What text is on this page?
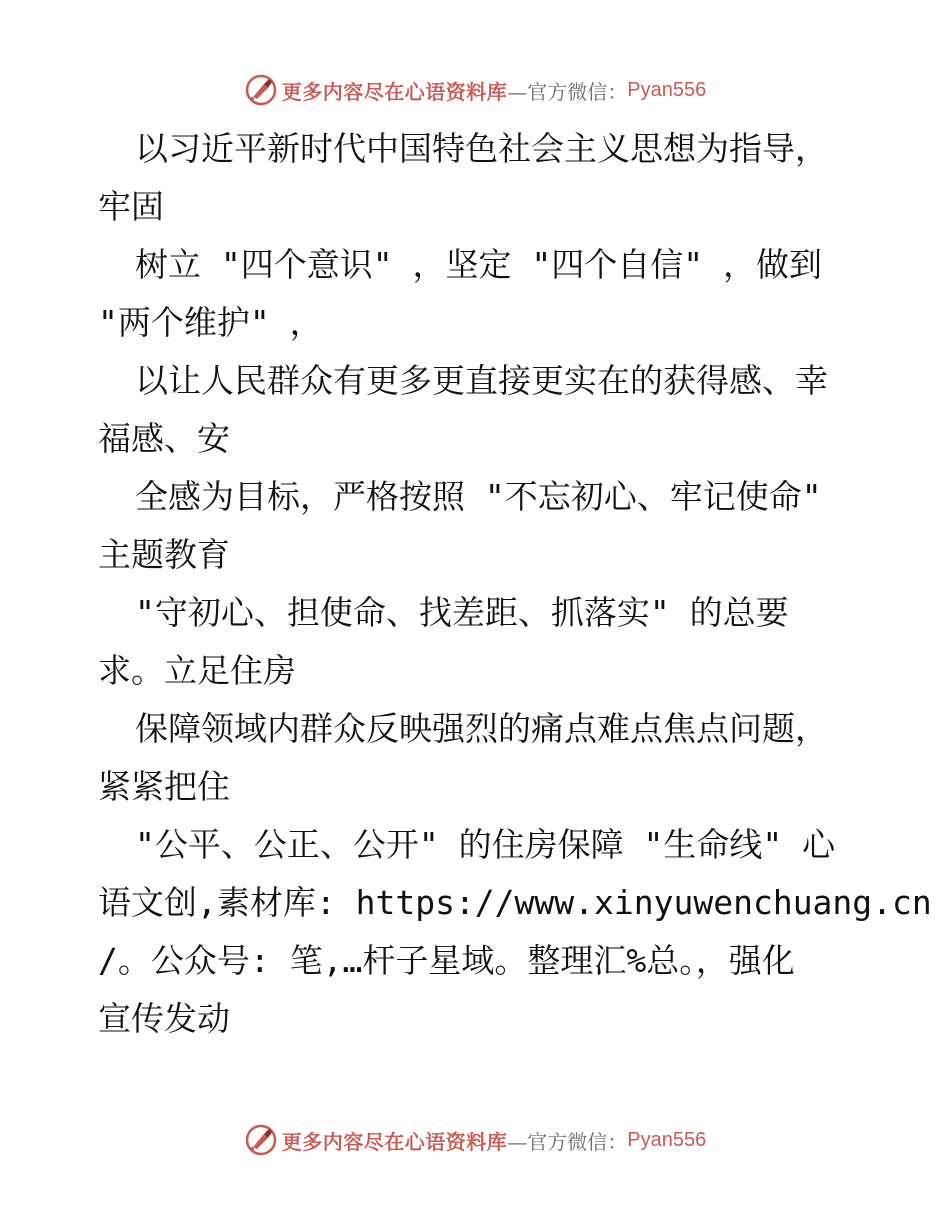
更多内容尽在心语资料库 —官方微信： Pyan556
以习近平新时代中国特色社会主义思想为指导，
牢固
树立 "四个意识" ，坚定 "四个自信" ，做到
"两个维护" ，
以让人民群众有更多更直接更实在的获得感、幸
福感、安
全感为目标，严格按照 "不忘初心、牢记使命"
主题教育
"守初心、担使命、找差距、抓落实" 的总要
求。立足住房
保障领域内群众反映强烈的痛点难点焦点问题，
紧紧把住
"公平、公正、公开" 的住房保障 "生命线" 心
语文创,素材库: https://www.xinyuwenchuang.cn
/。公众号: 笔,…杆子星域。整理汇%总。，强化
宣传发动
更多内容尽在心语资料库 —官方微信： Pyan556
